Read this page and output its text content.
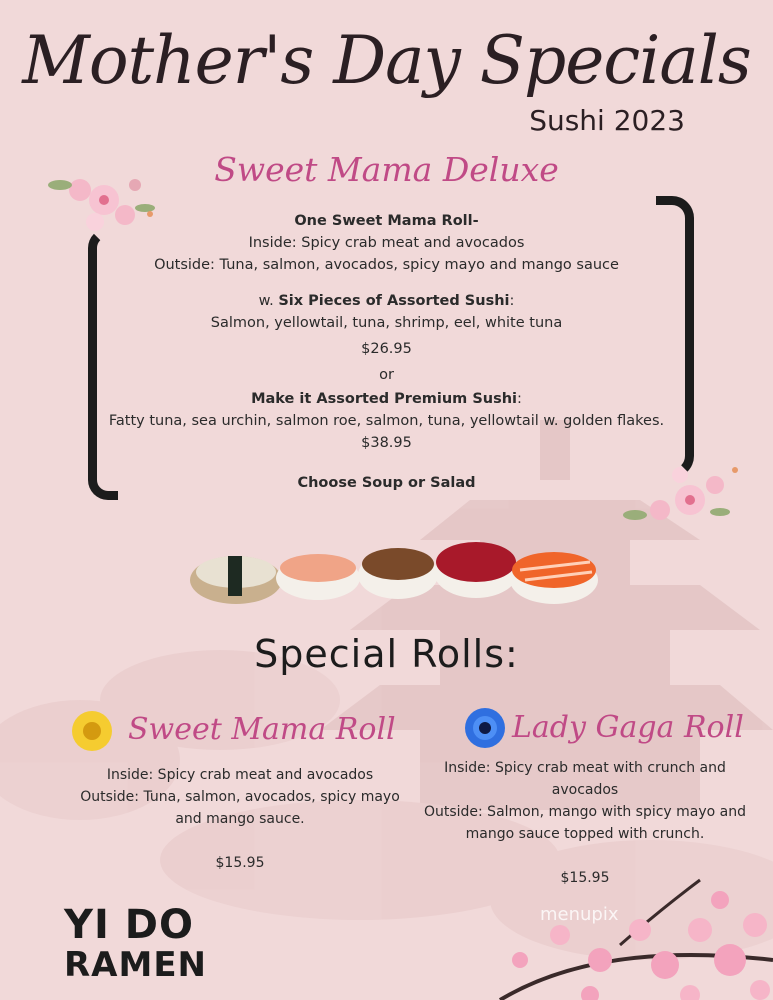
Mother's Day Specials
Sushi 2023
Sweet Mama Deluxe
One Sweet Mama Roll-
Inside: Spicy crab meat and avocados
Outside: Tuna, salmon, avocados, spicy mayo and mango sauce
w. Six Pieces of Assorted Sushi:
Salmon, yellowtail, tuna, shrimp, eel, white tuna
$26.95
or
Make it Assorted Premium Sushi:
Fatty tuna, sea urchin, salmon roe, salmon, tuna, yellowtail w. golden flakes.
$38.95
Choose Soup or Salad
Special Rolls:
Sweet Mama Roll
Inside: Spicy crab meat and avocados
Outside: Tuna, salmon, avocados, spicy mayo
and mango sauce.
$15.95
Lady Gaga Roll
Inside: Spicy crab meat with crunch and
avocados
Outside: Salmon, mango with spicy mayo and
mango sauce topped with crunch.
$15.95
YI DO
RAMEN
menupix
